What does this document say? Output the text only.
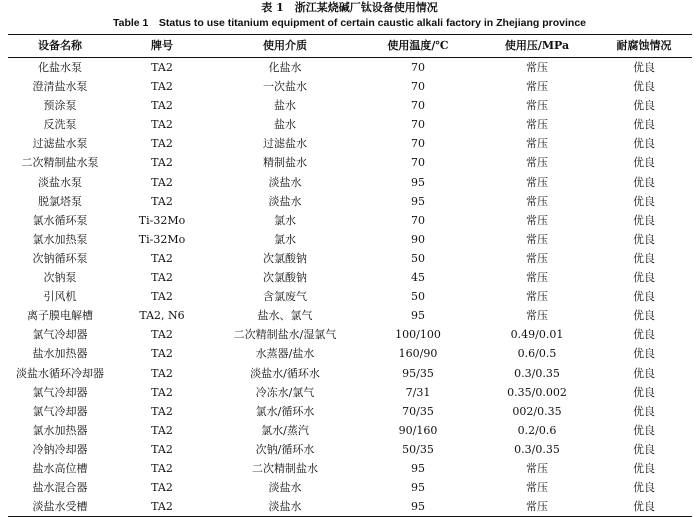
表 1　浙江某烧碱厂钛设备使用情况
Table 1　Status to use titanium equipment of certain caustic alkali factory in Zhejiang province
设备名称	牌号	使用介质	使用温度/℃	使用压/MPa	耐腐蚀情况
化盐水泵	TA2	化盐水	70	常压	优良
澄清盐水泵	TA2	一次盐水	70	常压	优良
预涂泵	TA2	盐水	70	常压	优良
反洗泵	TA2	盐水	70	常压	优良
过滤盐水泵	TA2	过滤盐水	70	常压	优良
二次精制盐水泵	TA2	精制盐水	70	常压	优良
淡盐水泵	TA2	淡盐水	95	常压	优良
脱氯塔泵	TA2	淡盐水	95	常压	优良
氯水循环泵	Ti-32Mo	氯水	70	常压	优良
氯水加热泵	Ti-32Mo	氯水	90	常压	优良
次钠循环泵	TA2	次氯酸钠	50	常压	优良
次钠泵	TA2	次氯酸钠	45	常压	优良
引风机	TA2	含氯废气	50	常压	优良
离子膜电解槽	TA2, N6	盐水、氯气	95	常压	优良
氯气冷却器	TA2	二次精制盐水/湿氯气	100/100	0.49/0.01	优良
盐水加热器	TA2	水蒸器/盐水	160/90	0.6/0.5	优良
淡盐水循环冷却器	TA2	淡盐水/循环水	95/35	0.3/0.35	优良
氯气冷却器	TA2	冷冻水/氯气	7/31	0.35/0.002	优良
氯气冷却器	TA2	氯水/循环水	70/35	002/0.35	优良
氯水加热器	TA2	氯水/蒸汽	90/160	0.2/0.6	优良
冷钠冷却器	TA2	次钠/循环水	50/35	0.3/0.35	优良
盐水高位槽	TA2	二次精制盐水	95	常压	优良
盐水混合器	TA2	淡盐水	95	常压	优良
淡盐水受槽	TA2	淡盐水	95	常压	优良
